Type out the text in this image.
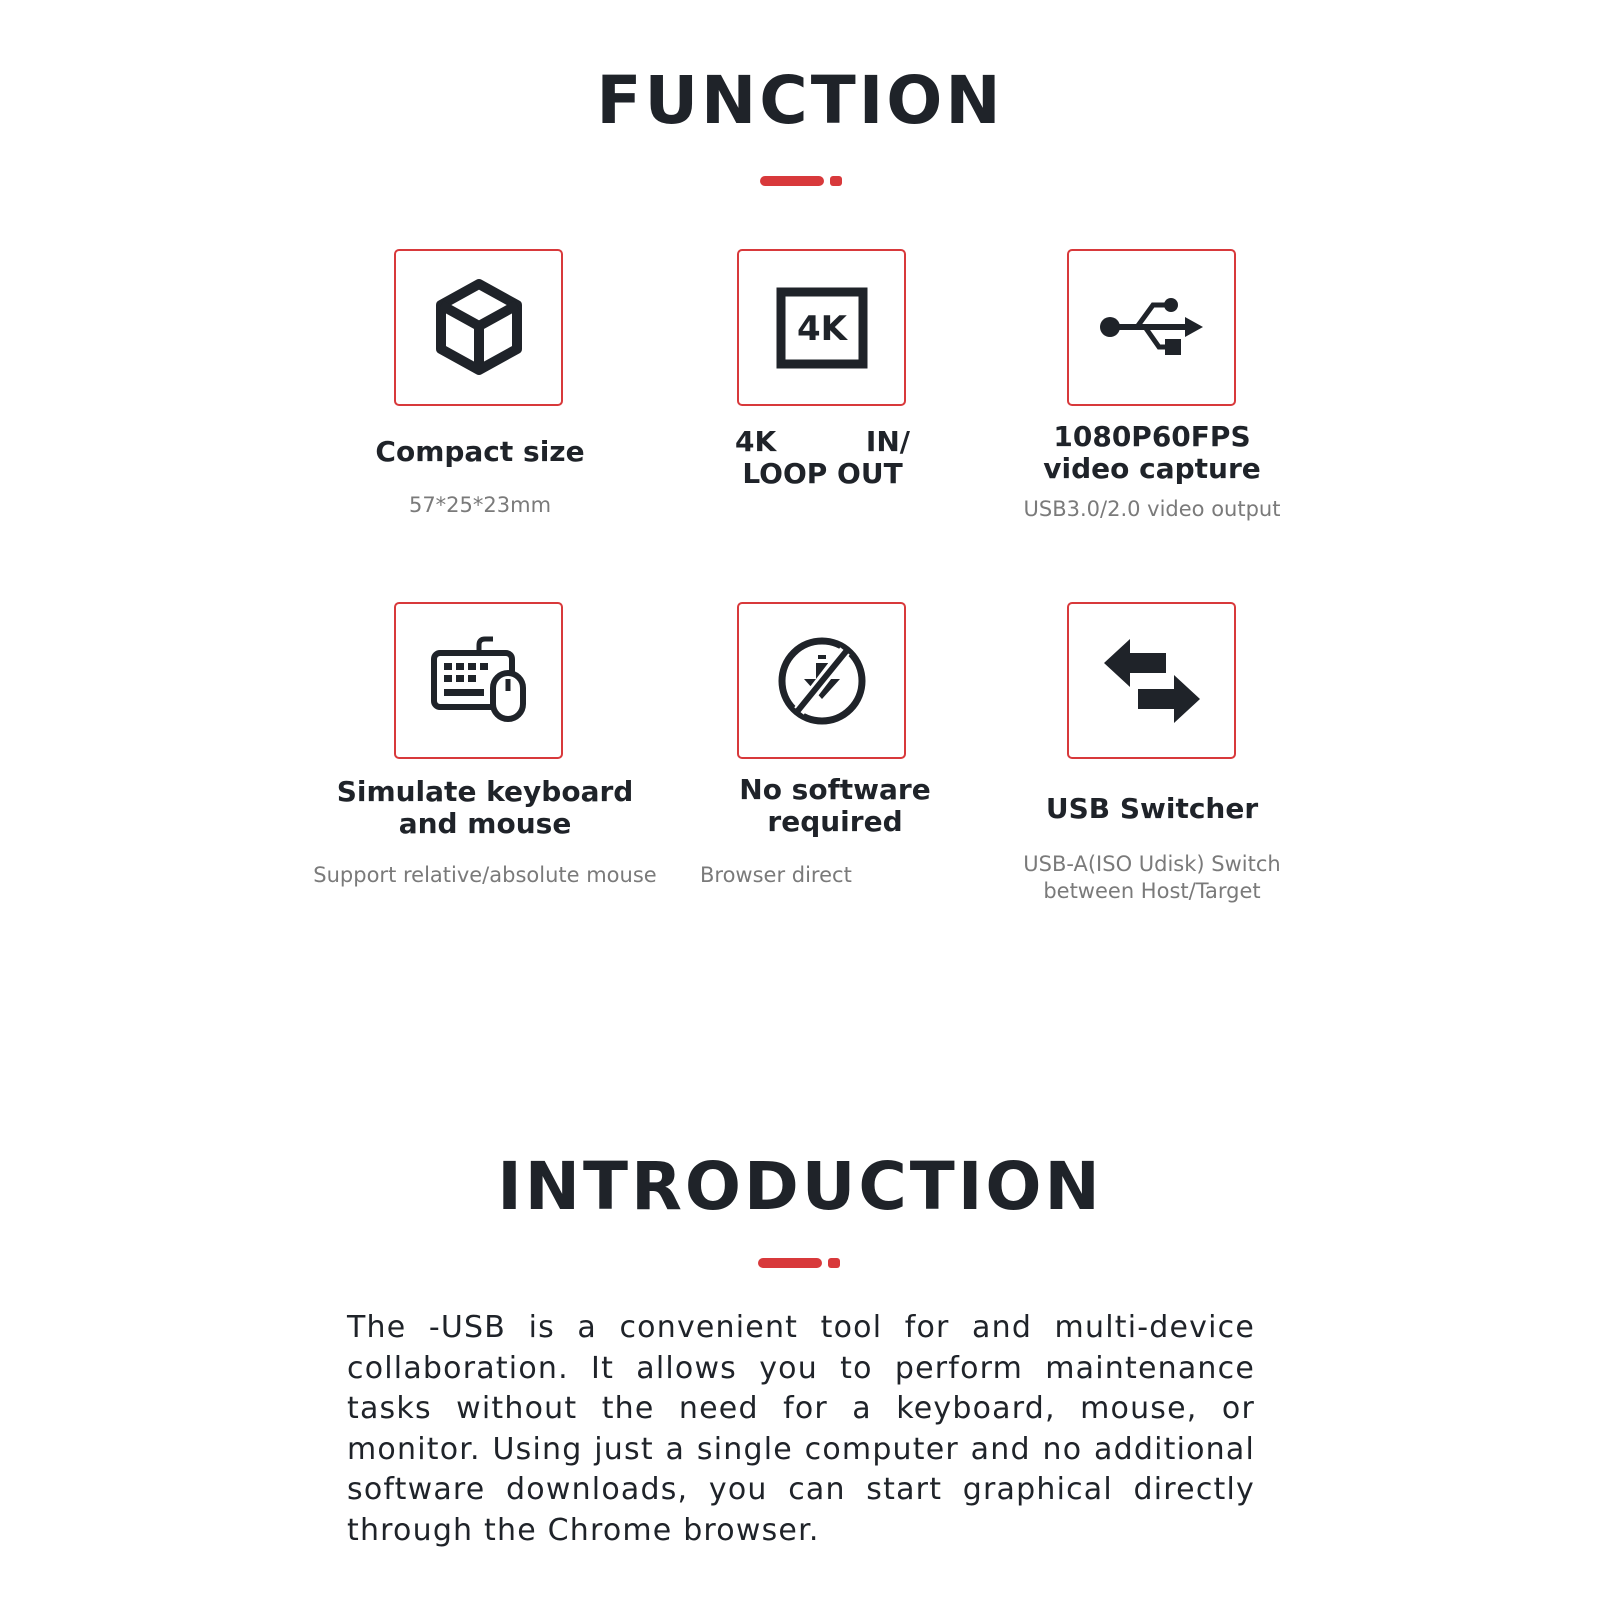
FUNCTION
Compact size
57*25*23mm
4K
4K	IN/
LOOP OUT
1080P60FPS
video capture
USB3.0/2.0 video output
Simulate keyboard
and mouse
Support relative/absolute mouse
No software
required
Browser direct
USB Switcher
USB-A(ISO Udisk) Switch
between Host/Target
INTRODUCTION

The -USB is a convenient tool for and multi-device collaboration. It allows you to perform maintenance tasks without the need for a keyboard, mouse, or monitor. Using just a single computer and no additional software downloads, you can start graphical directly through the Chrome browser.
